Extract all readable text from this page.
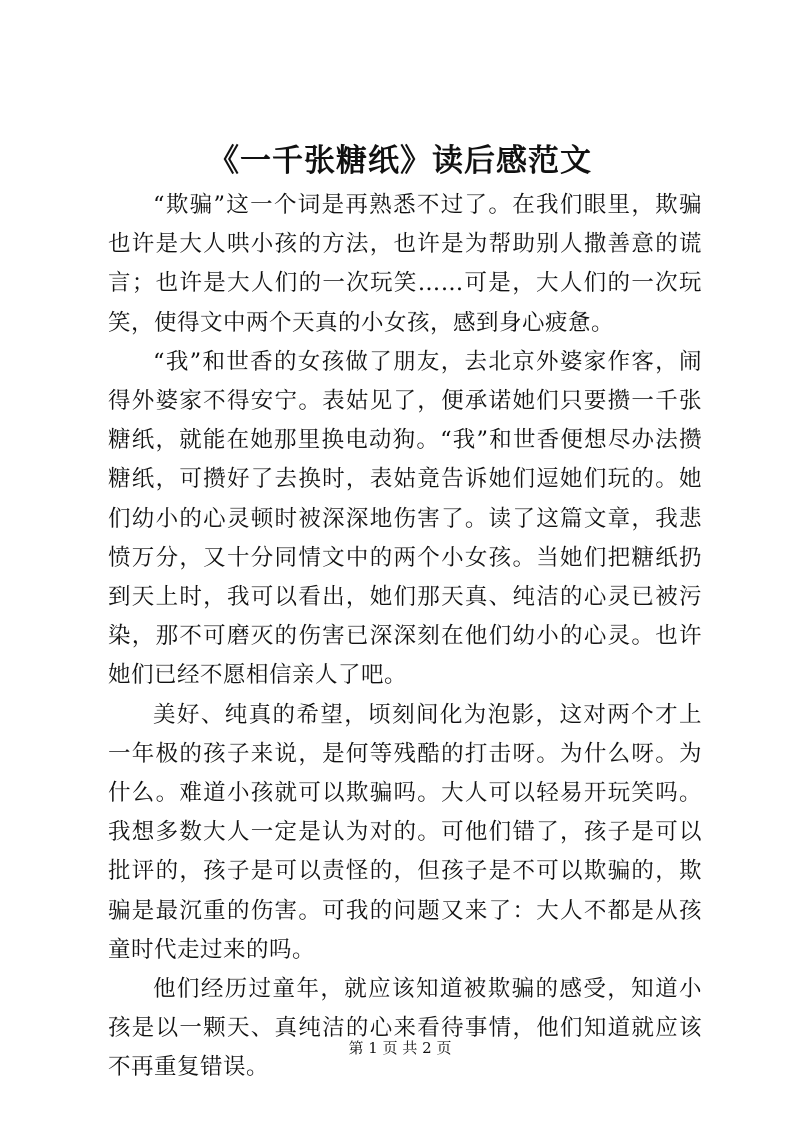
《一千张糖纸》读后感范文

“欺骗”这一个词是再熟悉不过了。在我们眼里，欺骗也许是大人哄小孩的方法，也许是为帮助别人撒善意的谎言；也许是大人们的一次玩笑……可是，大人们的一次玩笑，使得文中两个天真的小女孩，感到身心疲惫。

“我”和世香的女孩做了朋友，去北京外婆家作客，闹得外婆家不得安宁。表姑见了，便承诺她们只要攒一千张糖纸，就能在她那里换电动狗。“我”和世香便想尽办法攒糖纸，可攒好了去换时，表姑竟告诉她们逗她们玩的。她们幼小的心灵顿时被深深地伤害了。读了这篇文章，我悲愤万分，又十分同情文中的两个小女孩。当她们把糖纸扔到天上时，我可以看出，她们那天真、纯洁的心灵已被污染，那不可磨灭的伤害已深深刻在他们幼小的心灵。也许她们已经不愿相信亲人了吧。

美好、纯真的希望，顷刻间化为泡影，这对两个才上一年极的孩子来说，是何等残酷的打击呀。为什么呀。为什么。难道小孩就可以欺骗吗。大人可以轻易开玩笑吗。我想多数大人一定是认为对的。可他们错了，孩子是可以批评的，孩子是可以责怪的，但孩子是不可以欺骗的，欺骗是最沉重的伤害。可我的问题又来了：大人不都是从孩童时代走过来的吗。

他们经历过童年，就应该知道被欺骗的感受，知道小孩是以一颗天、真纯洁的心来看待事情，他们知道就应该不再重复错误。

第 1 页 共 2 页
